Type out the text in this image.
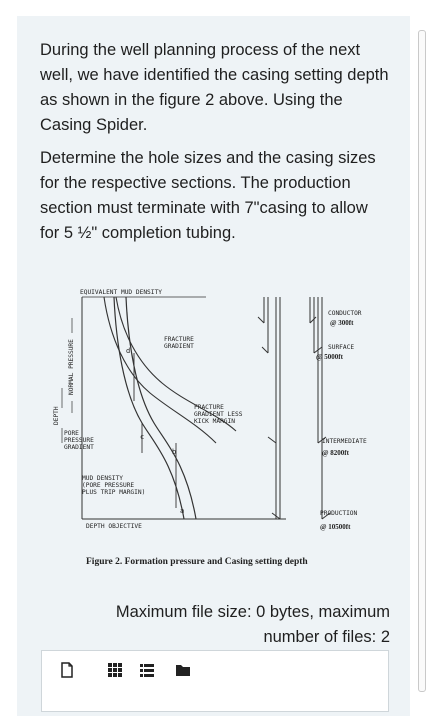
During the well planning process of the next well, we have identified the casing setting depth as shown in the figure 2 above. Using the Casing Spider.

Determine the hole sizes and the casing sizes for the respective sections. The production section must terminate with 7"casing to allow for 5 ½" completion tubing.

EQUIVALENT MUD DENSITY
DEPTH
NORMAL PRESSURE	d
c
b
a
FRACTURE
GRADIENT
FRACTURE
GRADIENT LESS
KICK MARGIN
PORE
PRESSURE
GRADIENT
MUD DENSITY
(PORE PRESSURE
PLUS TRIP MARGIN)
DEPTH OBJECTIVE
CONDUCTOR
@ 300ft
SURFACE
@ 5000ft
INTERMEDIATE
@ 8200ft
PRODUCTION
@ 10500ft
Figure 2. Formation pressure and Casing setting depth
Maximum file size: 0 bytes, maximum number of files: 2
